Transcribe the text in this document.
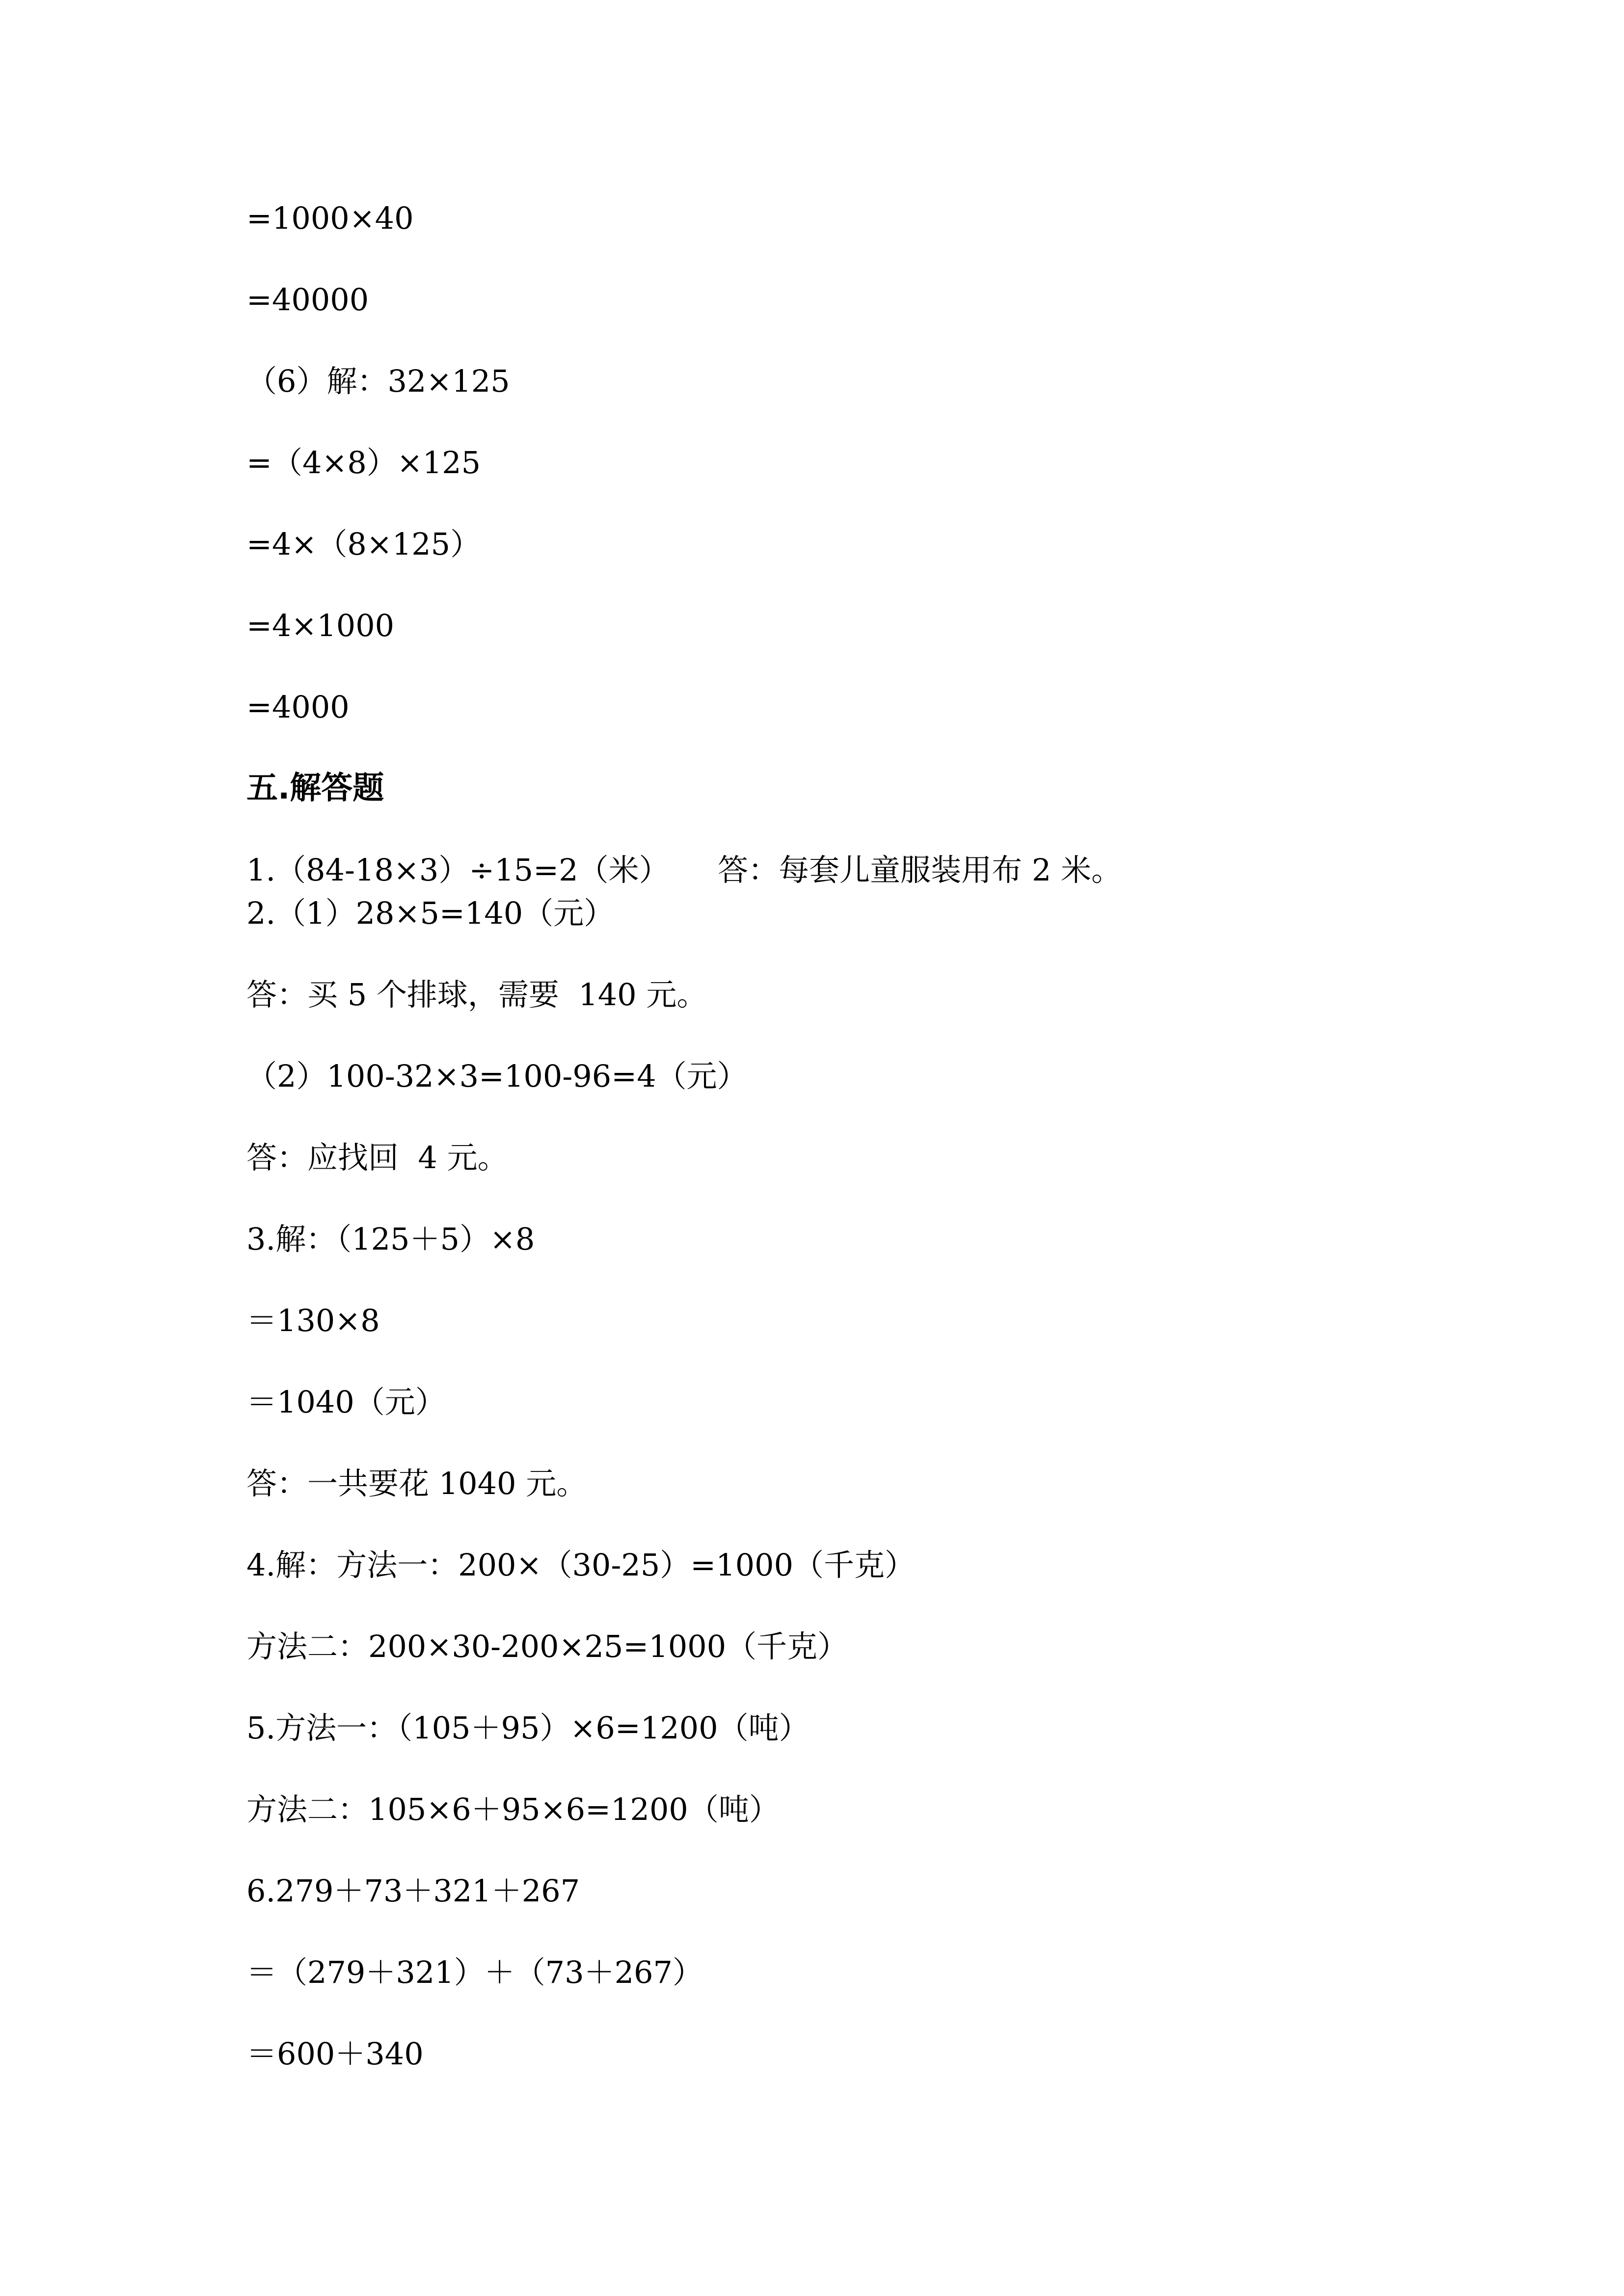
=1000×40
=40000
（6）解：32×125
=（4×8）×125
=4×（8×125）
=4×1000
=4000
五.解答题
1.（84-18×3）÷15=2（米）     答：每套儿童服装用布 2 米。
2.（1）28×5=140（元）
答：买 5 个排球，需要  140 元。
（2）100-32×3=100-96=4（元）
答：应找回  4 元。
3.解：（125＋5）×8
＝130×8
＝1040（元）
答：一共要花 1040 元。
4.解：方法一：200×（30-25）=1000（千克）
方法二：200×30-200×25=1000（千克）
5.方法一：（105＋95）×6=1200（吨）
方法二：105×6＋95×6=1200（吨）
6.279＋73＋321＋267
＝（279＋321）＋（73＋267）
＝600＋340
